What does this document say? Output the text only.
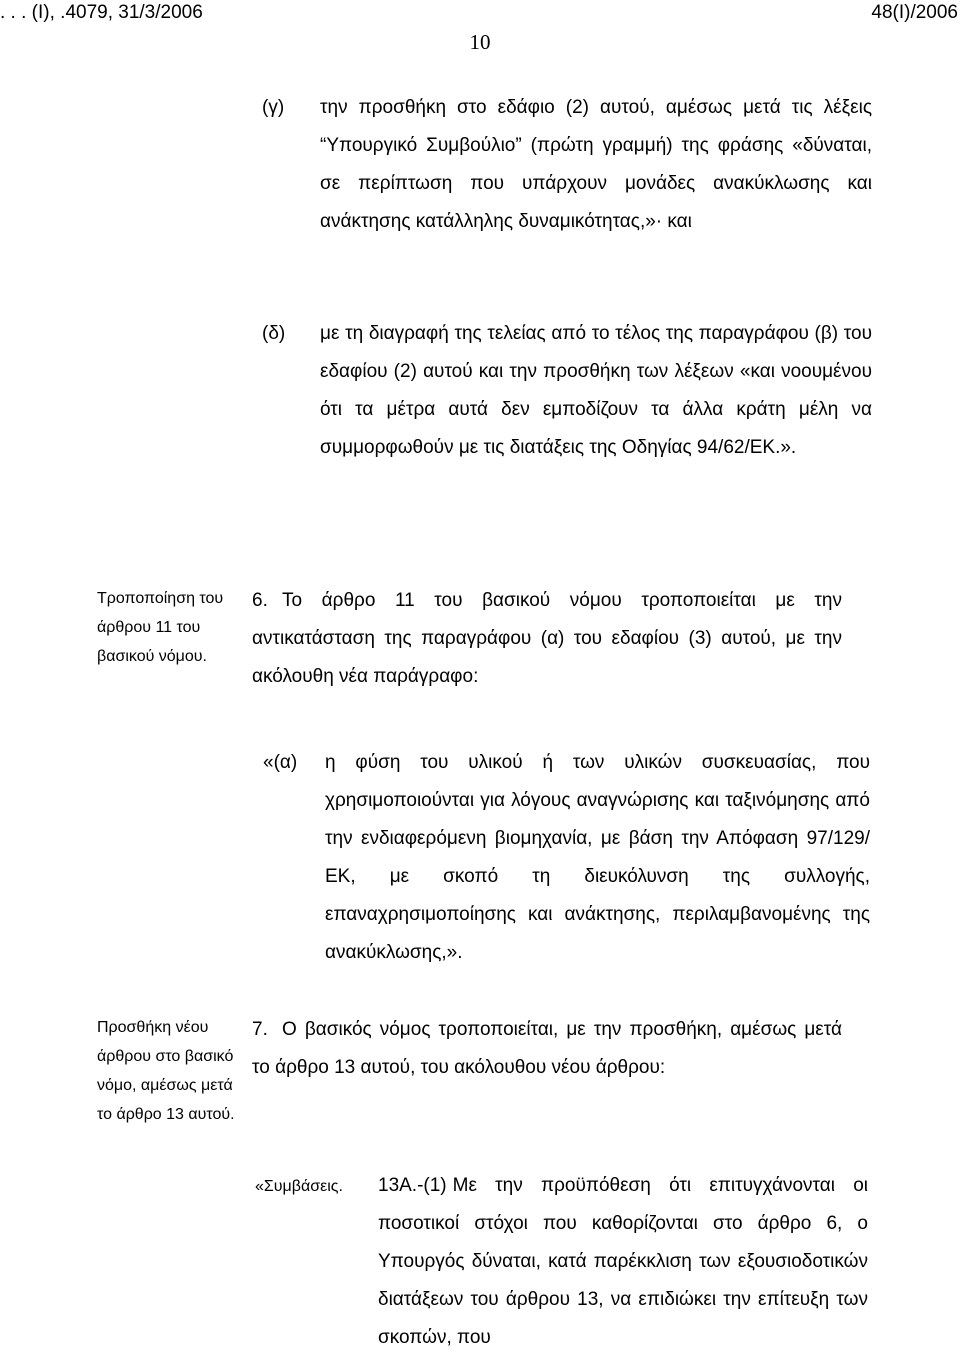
. . . (Ι), .4079, 31/3/2006	48(Ι)/2006
10
(γ) την προσθήκη στο εδάφιο (2) αυτού, αμέσως μετά τις λέξεις “Υπουργικό Συμβούλιο” (πρώτη γραμμή) της φράσης «δύναται, σε περίπτωση που υπάρχουν μονάδες ανακύκλωσης και ανάκτησης κατάλληλης δυναμικότητας,»· και
(δ) με τη διαγραφή της τελείας από το τέλος της παραγράφου (β) του εδαφίου (2) αυτού και την προσθήκη των λέξεων «και νοουμένου ότι τα μέτρα αυτά δεν εμποδίζουν τα άλλα κράτη μέλη να συμμορφωθούν με τις διατάξεις της Οδηγίας 94/62/ΕΚ.».
Τροποποίηση του άρθρου 11 του βασικού νόμου.
6. Το άρθρο 11 του βασικού νόμου τροποποιείται με την αντικατάσταση της παραγράφου (α) του εδαφίου (3) αυτού, με την ακόλουθη νέα παράγραφο:
«(α) η φύση του υλικού ή των υλικών συσκευασίας, που χρησιμοποιούνται για λόγους αναγνώρισης και ταξινόμησης από την ενδιαφερόμενη βιομηχανία, με βάση την Απόφαση 97/129/ΕΚ, με σκοπό τη διευκόλυνση της συλλογής, επαναχρησιμοποίησης και ανάκτησης, περιλαμβανομένης της ανακύκλωσης,».
Προσθήκη νέου άρθρου στο βασικό νόμο, αμέσως μετά το άρθρο 13 αυτού.
7. Ο βασικός νόμος τροποποιείται, με την προσθήκη, αμέσως μετά το άρθρο 13 αυτού, του ακόλουθου νέου άρθρου:
«Συμβάσεις. 13Α.-(1) Με την προϋπόθεση ότι επιτυγχάνονται οι ποσοτικοί στόχοι που καθορίζονται στο άρθρο 6, ο Υπουργός δύναται, κατά παρέκκλιση των εξουσιοδοτικών διατάξεων του άρθρου 13, να επιδιώκει την επίτευξη των σκοπών, που
